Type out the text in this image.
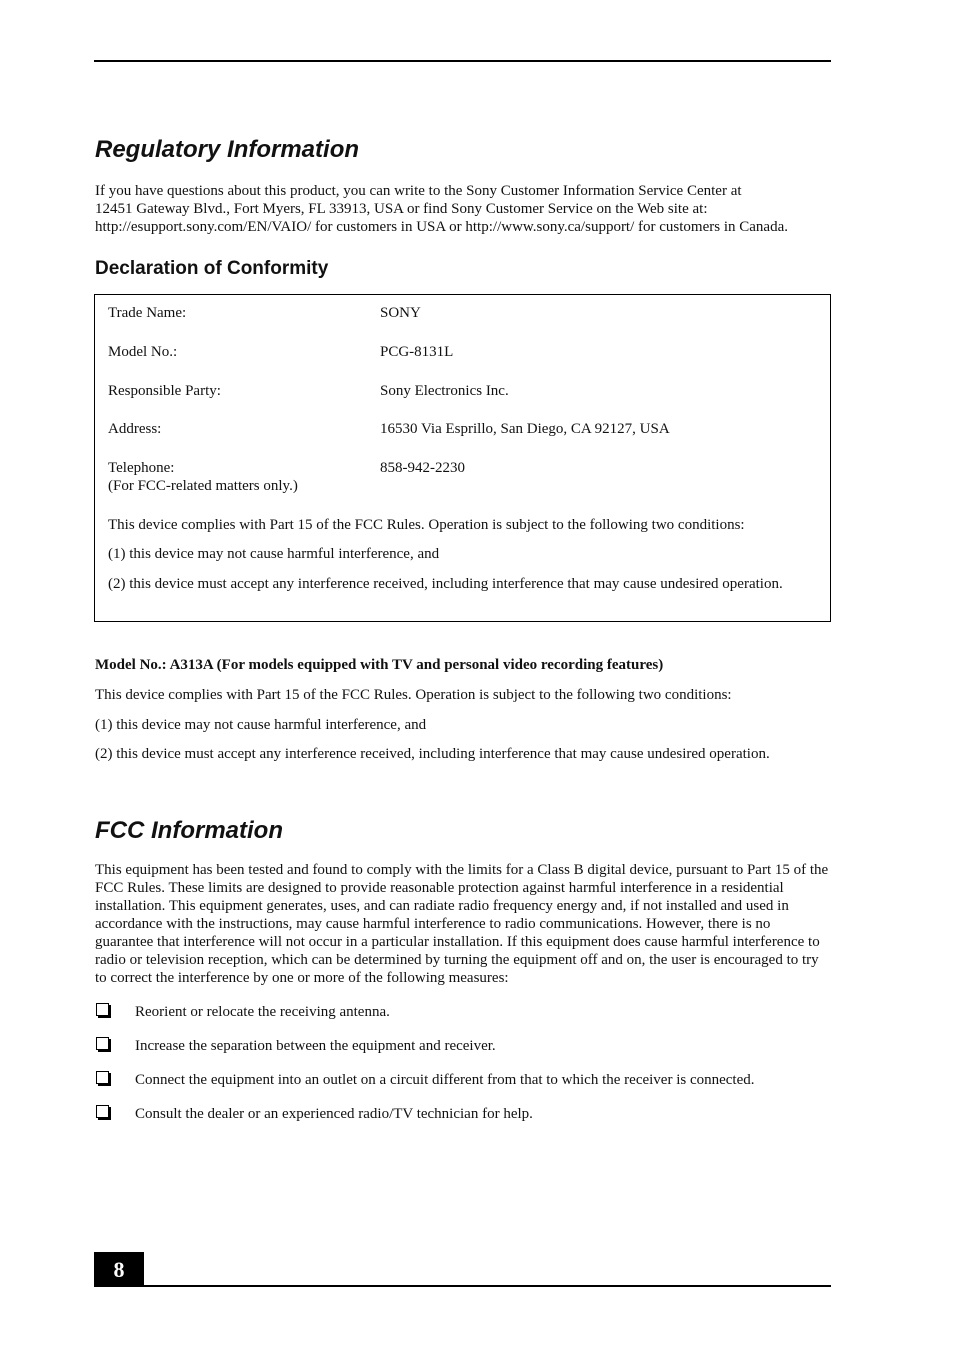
Regulatory Information
If you have questions about this product, you can write to the Sony Customer Information Service Center at
12451 Gateway Blvd., Fort Myers, FL 33913, USA or find Sony Customer Service on the Web site at:
http://esupport.sony.com/EN/VAIO/ for customers in USA or http://www.sony.ca/support/ for customers in Canada.
Declaration of Conformity
Trade Name:	SONY
Model No.:	PCG-8131L
Responsible Party:	Sony Electronics Inc.
Address:	16530 Via Esprillo, San Diego, CA 92127, USA
Telephone:	858-942-2230
(For FCC-related matters only.)
This device complies with Part 15 of the FCC Rules. Operation is subject to the following two conditions:
(1) this device may not cause harmful interference, and
(2) this device must accept any interference received, including interference that may cause undesired operation.
Model No.: A313A (For models equipped with TV and personal video recording features)
This device complies with Part 15 of the FCC Rules. Operation is subject to the following two conditions:
(1) this device may not cause harmful interference, and
(2) this device must accept any interference received, including interference that may cause undesired operation.
FCC Information
This equipment has been tested and found to comply with the limits for a Class B digital device, pursuant to Part 15 of the FCC Rules. These limits are designed to provide reasonable protection against harmful interference in a residential installation. This equipment generates, uses, and can radiate radio frequency energy and, if not installed and used in accordance with the instructions, may cause harmful interference to radio communications. However, there is no guarantee that interference will not occur in a particular installation. If this equipment does cause harmful interference to radio or television reception, which can be determined by turning the equipment off and on, the user is encouraged to try to correct the interference by one or more of the following measures:
Reorient or relocate the receiving antenna.
Increase the separation between the equipment and receiver.
Connect the equipment into an outlet on a circuit different from that to which the receiver is connected.
Consult the dealer or an experienced radio/TV technician for help.
8
